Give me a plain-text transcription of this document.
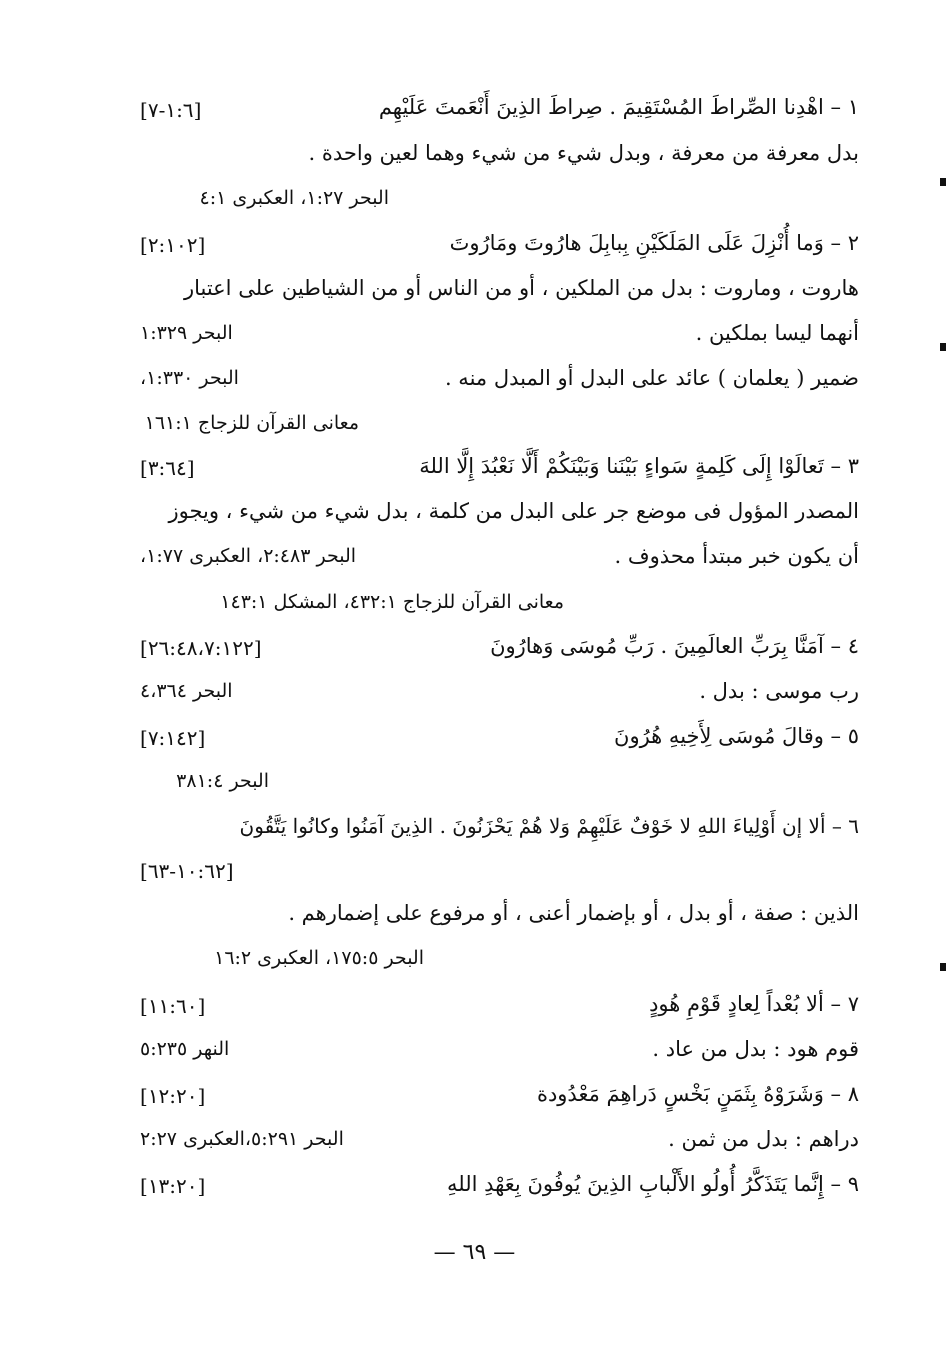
١ – اهْدِنا الصِّراطَ المُسْتَقِيمَ . صِراطَ الذِينَ أَنْعَمتَ عَلَيْهِم
بدل معرفة من معرفة ، وبدل شيء من شيء وهما لعين واحدة .
البحر ١:٢٧، العكبرى ٤:١
٢ – وَما أُنْزِلَ عَلَى المَلَكَيْنِ بِبابِلَ هارُوتَ ومَارُوتَ
هاروت ، وماروت : بدل من الملكين ، أو من الناس أو من الشياطين على اعتبار
أنهما ليسا بملكين .
ضمير ( يعلمان ) عائد على البدل أو المبدل منه .
معانى القرآن للزجاج ١٦١:١
٣ – تَعالَوْا إِلَى كَلِمةٍ سَواءٍ بَيْنَنا وَبَيْنَكُمْ أَلَّا نَعْبُدَ إِلَّا اللهَ
المصدر المؤول فى موضع جر على البدل من كلمة ، بدل شيء من شيء ، ويجوز
أن يكون خبر مبتدأ محذوف .
معانى القرآن للزجاج ٤٣٢:١، المشكل ١٤٣:١
٤ – آمَنَّا بِرَبِّ العالَمِينَ . رَبِّ مُوسَى وَهارُونَ
رب موسى : بدل .
٥ – وقالَ مُوسَى لِأَخِيهِ هُرُونَ
البحر ٣٨١:٤
٦ – ألا إن أَوْلِياءَ اللهِ لا خَوْفٌ عَلَيْهِمْ وَلا هُمْ يَحْزَنُونَ . الذِينَ آمَنُوا وكانُوا يَتَّقُونَ
الذين : صفة ، أو بدل ، أو بإضمار أعنى ، أو مرفوع على إضمارهم .
البحر ١٧٥:٥، العكبرى ١٦:٢
٧ – ألا بُعْداً لِعادٍ قَوْمِ هُودٍ
قوم هود : بدل من عاد .
٨ – وَشَرَوْهُ بِثَمَنٍ بَخْسٍ دَراهِمَ مَعْدُودة
دراهم : بدل من ثمن .
٩ – إِنَّما يَتَذَكَّرُ أُولُو الأَلْبابِ الذِينَ يُوفُونَ بِعَهْدِ اللهِ
[١:٦-٧]
[٢:١٠٢]
البحر ١:٣٢٩
البحر ١:٣٣٠،
[٣:٦٤]
البحر ٢:٤٨٣، العكبرى ١:٧٧،
[٢٦:٤٨،٧:١٢٢]
البحر ٤،٣٦٤
[٧:١٤٢]
[١٠:٦٢-٦٣]
[١١:٦٠]
النهر ٥:٢٣٥
[١٢:٢٠]
البحر ٥:٢٩١،العكبرى ٢:٢٧
[١٣:٢٠]
— ٦٩ —
